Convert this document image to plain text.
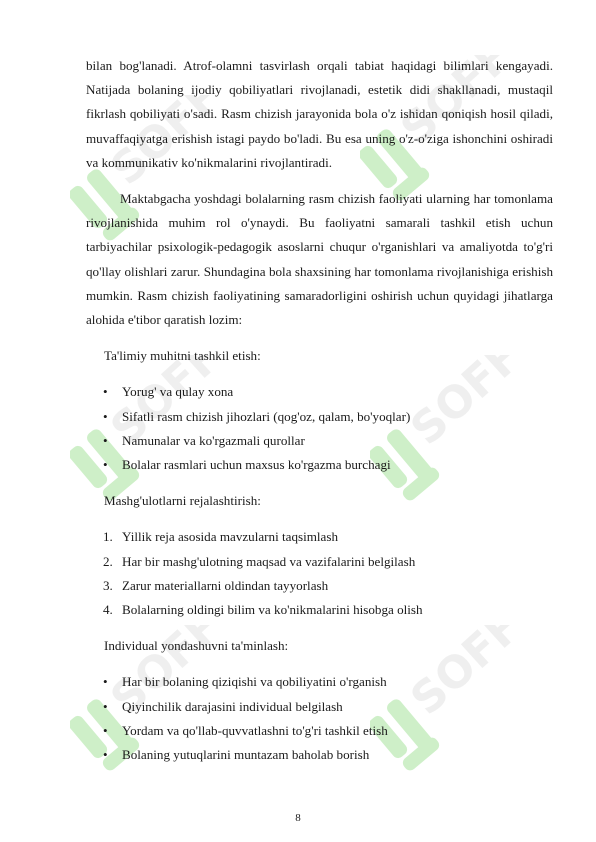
bilan bog'lanadi. Atrof-olamni tasvirlash orqali tabiat haqidagi bilimlari kengayadi. Natijada bolaning ijodiy qobiliyatlari rivojlanadi, estetik didi shakllanadi, mustaqil fikrlash qobiliyati o'sadi. Rasm chizish jarayonida bola o'z ishidan qoniqish hosil qiladi, muvaffaqiyatga erishish istagi paydo bo'ladi. Bu esa uning o'z-o'ziga ishonchini oshiradi va kommunikativ ko'nikmalarini rivojlantiradi.

Maktabgacha yoshdagi bolalarning rasm chizish faoliyati ularning har tomonlama rivojlanishida muhim rol o'ynaydi. Bu faoliyatni samarali tashkil etish uchun tarbiyachilar psixologik-pedagogik asoslarni chuqur o'rganishlari va amaliyotda to'g'ri qo'llay olishlari zarur. Shundagina bola shaxsining har tomonlama rivojlanishiga erishish mumkin. Rasm chizish faoliyatining samaradorligini oshirish uchun quyidagi jihatlarga alohida e'tibor qaratish lozim:

Ta'limiy muhitni tashkil etish:

• Yorug' va qulay xona
• Sifatli rasm chizish jihozlari (qog'oz, qalam, bo'yoqlar)
• Namunalar va ko'rgazmali qurollar
• Bolalar rasmlari uchun maxsus ko'rgazma burchagi

Mashg'ulotlarni rejalashtirish:

1. Yillik reja asosida mavzularni taqsimlash
2. Har bir mashg'ulotning maqsad va vazifalarini belgilash
3. Zarur materiallarni oldindan tayyorlash
4. Bolalarning oldingi bilim va ko'nikmalarini hisobga olish

Individual yondashuvni ta'minlash:

• Har bir bolaning qiziqishi va qobiliyatini o'rganish
• Qiyinchilik darajasini individual belgilash
• Yordam va qo'llab-quvvatlashni to'g'ri tashkil etish
• Bolaning yutuqlarini muntazam baholab borish
8
